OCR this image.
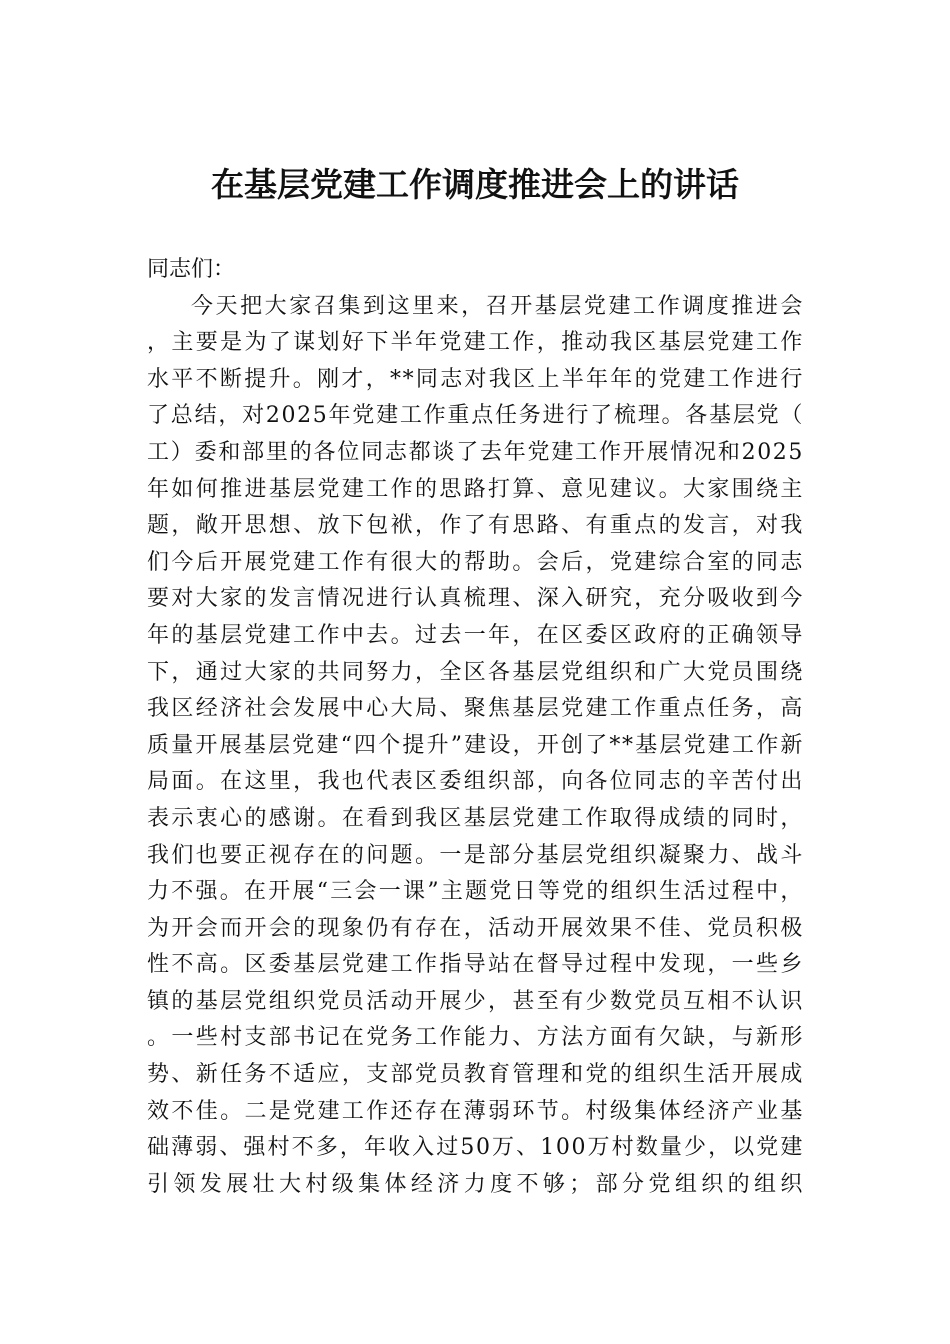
在基层党建工作调度推进会上的讲话

同志们：

今天把大家召集到这里来，召开基层党建工作调度推进会，主要是为了谋划好下半年党建工作，推动我区基层党建工作水平不断提升。刚才，**同志对我区上半年年的党建工作进行了总结，对2025年党建工作重点任务进行了梳理。各基层党（工）委和部里的各位同志都谈了去年党建工作开展情况和2025年如何推进基层党建工作的思路打算、意见建议。大家围绕主题，敞开思想、放下包袱，作了有思路、有重点的发言，对我们今后开展党建工作有很大的帮助。会后，党建综合室的同志要对大家的发言情况进行认真梳理、深入研究，充分吸收到今年的基层党建工作中去。过去一年，在区委区政府的正确领导下，通过大家的共同努力，全区各基层党组织和广大党员围绕我区经济社会发展中心大局、聚焦基层党建工作重点任务，高质量开展基层党建“四个提升”建设，开创了**基层党建工作新局面。在这里，我也代表区委组织部，向各位同志的辛苦付出表示衷心的感谢。在看到我区基层党建工作取得成绩的同时，我们也要正视存在的问题。一是部分基层党组织凝聚力、战斗力不强。在开展“三会一课”主题党日等党的组织生活过程中，为开会而开会的现象仍有存在，活动开展效果不佳、党员积极性不高。区委基层党建工作指导站在督导过程中发现，一些乡镇的基层党组织党员活动开展少，甚至有少数党员互相不认识。一些村支部书记在党务工作能力、方法方面有欠缺，与新形势、新任务不适应，支部党员教育管理和党的组织生活开展成效不佳。二是党建工作还存在薄弱环节。村级集体经济产业基础薄弱、强村不多，年收入过50万、100万村数量少，以党建引领发展壮大村级集体经济力度不够；部分党组织的组织
